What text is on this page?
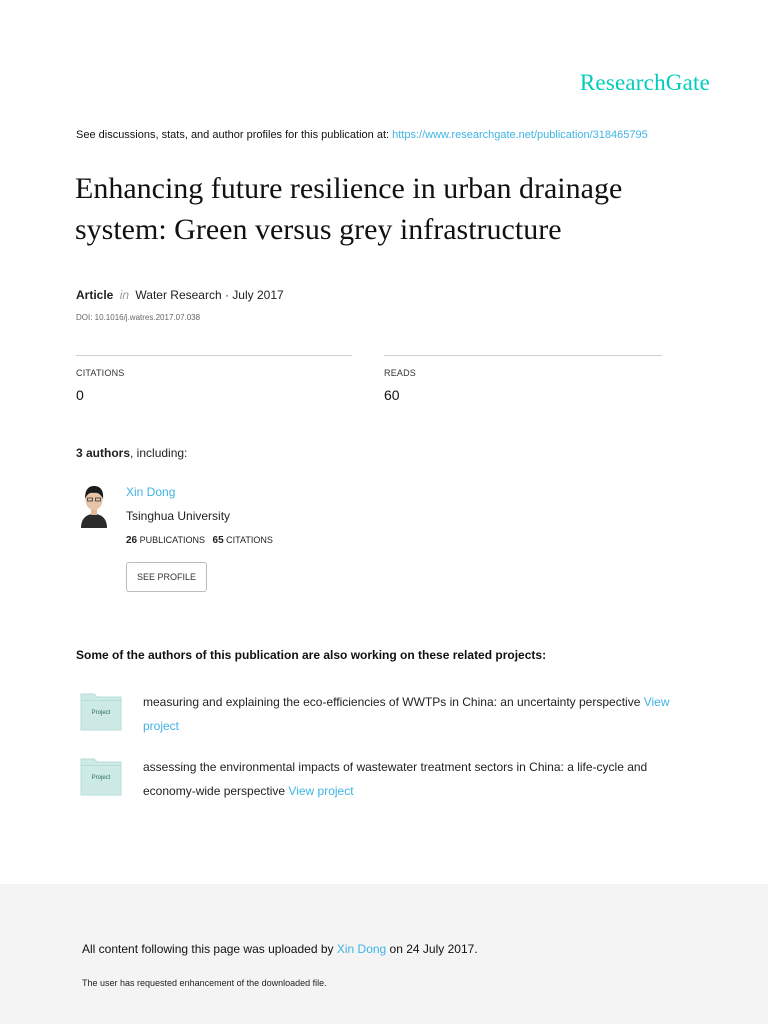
ResearchGate
See discussions, stats, and author profiles for this publication at: https://www.researchgate.net/publication/318465795
Enhancing future resilience in urban drainage
system: Green versus grey infrastructure
Article in Water Research · July 2017
DOI: 10.1016/j.watres.2017.07.038
CITATIONS
0
READS
60
3 authors, including:
Xin Dong
Tsinghua University
26 PUBLICATIONS 65 CITATIONS
SEE PROFILE
Some of the authors of this publication are also working on these related projects:
Project
measuring and explaining the eco-efficiencies of WWTPs in China: an uncertainty perspective View project
Project
assessing the environmental impacts of wastewater treatment sectors in China: a life-cycle and economy-wide perspective View project
All content following this page was uploaded by Xin Dong on 24 July 2017.
The user has requested enhancement of the downloaded file.
